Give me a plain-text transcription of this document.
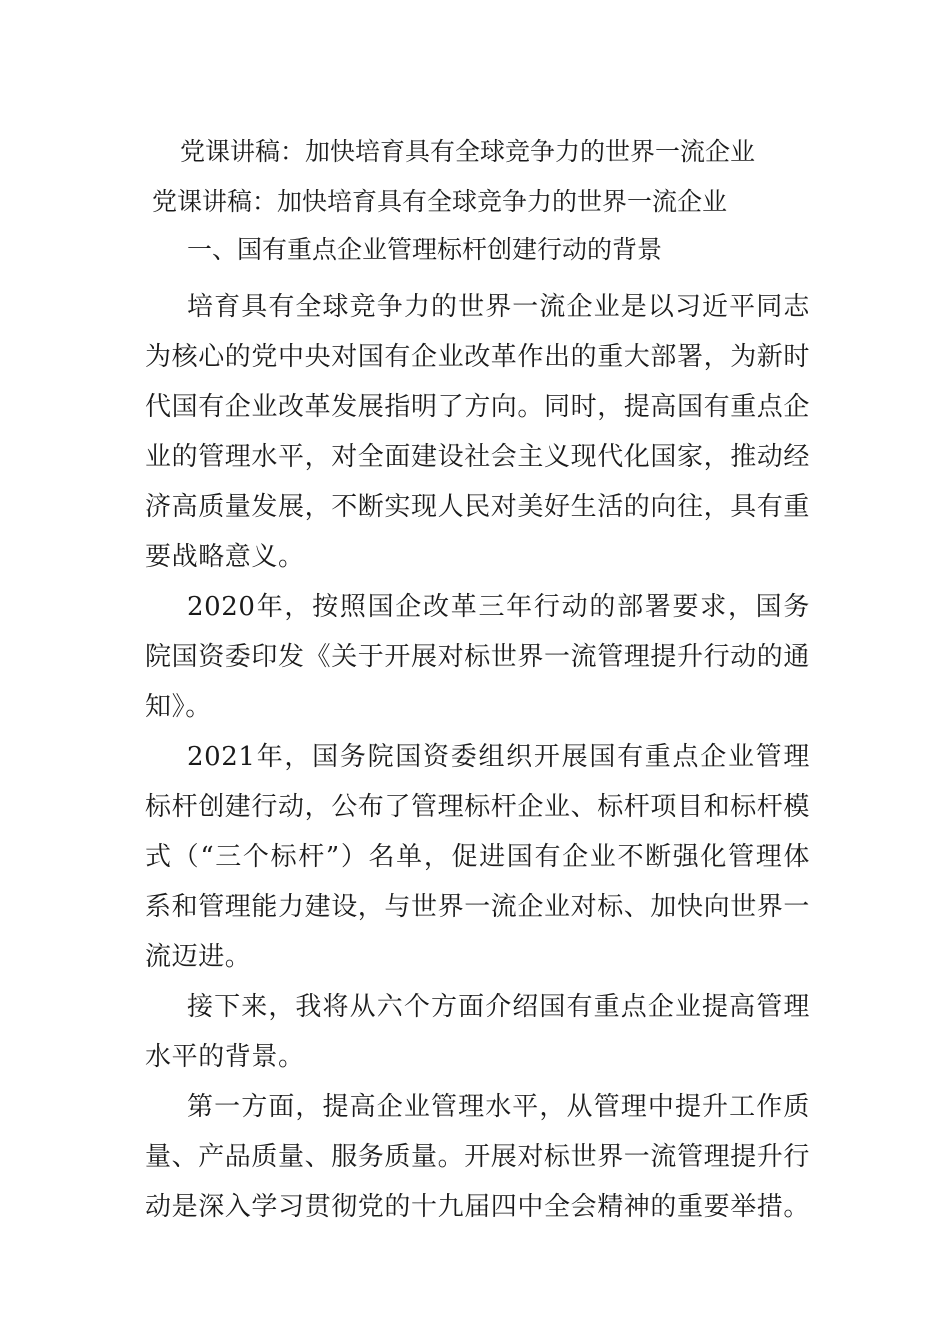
党课讲稿：加快培育具有全球竞争力的世界一流企业
党课讲稿：加快培育具有全球竞争力的世界一流企业
一、国有重点企业管理标杆创建行动的背景

培育具有全球竞争力的世界一流企业是以习近平同志为核心的党中央对国有企业改革作出的重大部署，为新时代国有企业改革发展指明了方向。同时，提高国有重点企业的管理水平，对全面建设社会主义现代化国家，推动经济高质量发展，不断实现人民对美好生活的向往，具有重要战略意义。

2020年，按照国企改革三年行动的部署要求，国务院国资委印发《关于开展对标世界一流管理提升行动的通知》。

2021年，国务院国资委组织开展国有重点企业管理标杆创建行动，公布了管理标杆企业、标杆项目和标杆模式（“三个标杆”）名单，促进国有企业不断强化管理体系和管理能力建设，与世界一流企业对标、加快向世界一流迈进。

接下来，我将从六个方面介绍国有重点企业提高管理水平的背景。

第一方面，提高企业管理水平，从管理中提升工作质量、产品质量、服务质量。开展对标世界一流管理提升行动是深入学习贯彻党的十九届四中全会精神的重要举措。
